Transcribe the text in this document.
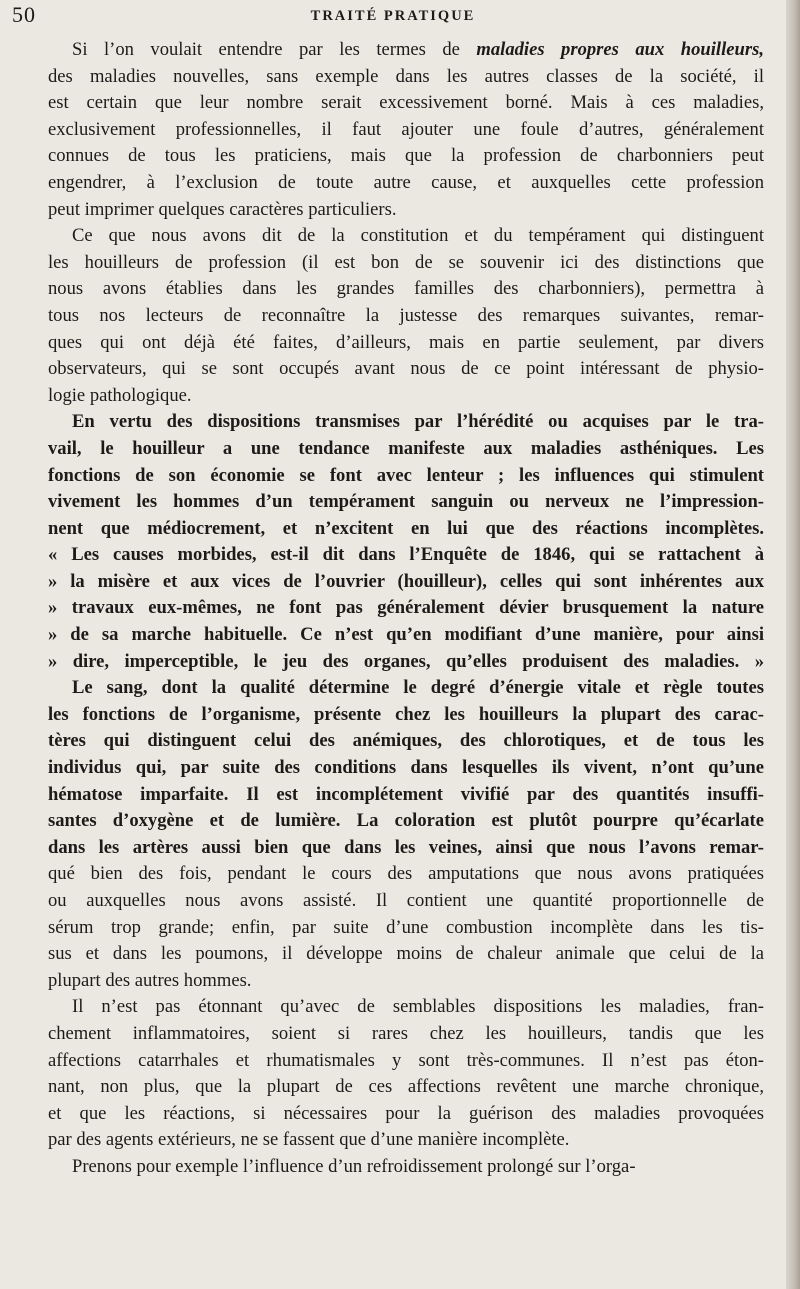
50	TRAITÉ PRATIQUE
Si l’on voulait entendre par les termes de maladies propres aux houilleurs,
des maladies nouvelles, sans exemple dans les autres classes de la société, il
est certain que leur nombre serait excessivement borné. Mais à ces maladies,
exclusivement professionnelles, il faut ajouter une foule d’autres, généralement
connues de tous les praticiens, mais que la profession de charbonniers peut
engendrer, à l’exclusion de toute autre cause, et auxquelles cette profession
peut imprimer quelques caractères particuliers.
Ce que nous avons dit de la constitution et du tempérament qui distinguent
les houilleurs de profession (il est bon de se souvenir ici des distinctions que
nous avons établies dans les grandes familles des charbonniers), permettra à
tous nos lecteurs de reconnaître la justesse des remarques suivantes, remar-
ques qui ont déjà été faites, d’ailleurs, mais en partie seulement, par divers
observateurs, qui se sont occupés avant nous de ce point intéressant de physio-
logie pathologique.
En vertu des dispositions transmises par l’hérédité ou acquises par le tra-
vail, le houilleur a une tendance manifeste aux maladies asthéniques. Les
fonctions de son économie se font avec lenteur ; les influences qui stimulent
vivement les hommes d’un tempérament sanguin ou nerveux ne l’impression-
nent que médiocrement, et n’excitent en lui que des réactions incomplètes.
« Les causes morbides, est-il dit dans l’Enquête de 1846, qui se rattachent à
» la misère et aux vices de l’ouvrier (houilleur), celles qui sont inhérentes aux
» travaux eux-mêmes, ne font pas généralement dévier brusquement la nature
» de sa marche habituelle. Ce n’est qu’en modifiant d’une manière, pour ainsi
» dire, imperceptible, le jeu des organes, qu’elles produisent des maladies. »
Le sang, dont la qualité détermine le degré d’énergie vitale et règle toutes
les fonctions de l’organisme, présente chez les houilleurs la plupart des carac-
tères qui distinguent celui des anémiques, des chlorotiques, et de tous les
individus qui, par suite des conditions dans lesquelles ils vivent, n’ont qu’une
hématose imparfaite. Il est incomplétement vivifié par des quantités insuffi-
santes d’oxygène et de lumière. La coloration est plutôt pourpre qu’écarlate
dans les artères aussi bien que dans les veines, ainsi que nous l’avons remar-
qué bien des fois, pendant le cours des amputations que nous avons pratiquées
ou auxquelles nous avons assisté. Il contient une quantité proportionnelle de
sérum trop grande; enfin, par suite d’une combustion incomplète dans les tis-
sus et dans les poumons, il développe moins de chaleur animale que celui de la
plupart des autres hommes.
Il n’est pas étonnant qu’avec de semblables dispositions les maladies, fran-
chement inflammatoires, soient si rares chez les houilleurs, tandis que les
affections catarrhales et rhumatismales y sont très-communes. Il n’est pas éton-
nant, non plus, que la plupart de ces affections revêtent une marche chronique,
et que les réactions, si nécessaires pour la guérison des maladies provoquées
par des agents extérieurs, ne se fassent que d’une manière incomplète.
Prenons pour exemple l’influence d’un refroidissement prolongé sur l’orga-
